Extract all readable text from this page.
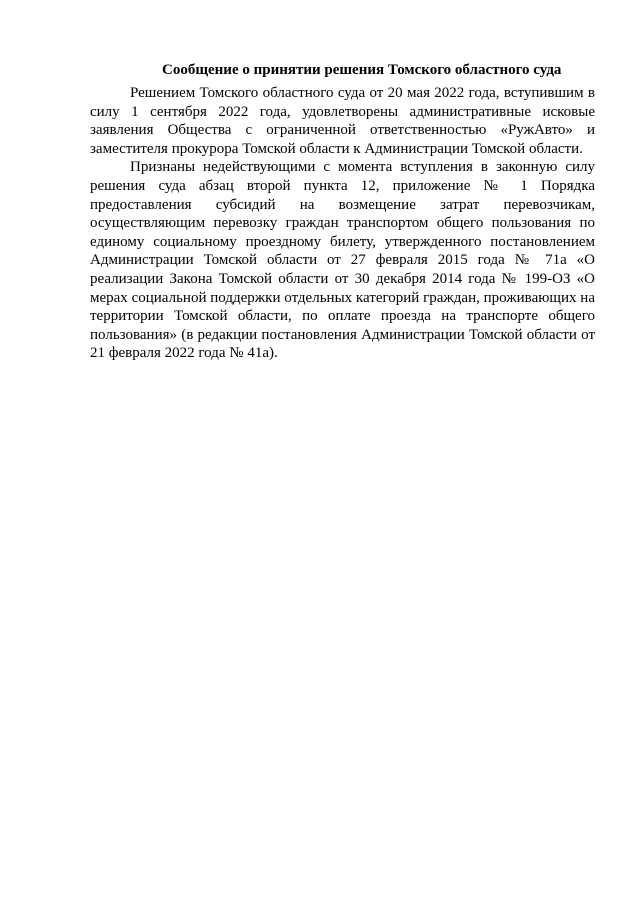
Сообщение о принятии решения Томского областного суда

Решением Томского областного суда от 20 мая 2022 года, вступившим в силу 1 сентября 2022 года, удовлетворены административные исковые заявления Общества с ограниченной ответственностью «РужАвто» и заместителя прокурора Томской области к Администрации Томской области.

Признаны недействующими с момента вступления в законную силу решения суда абзац второй пункта 12, приложение № 1 Порядка предоставления субсидий на возмещение затрат перевозчикам, осуществляющим перевозку граждан транспортом общего пользования по единому социальному проездному билету, утвержденного постановлением Администрации Томской области от 27 февраля 2015 года № 71а «О реализации Закона Томской области от 30 декабря 2014 года № 199-ОЗ «О мерах социальной поддержки отдельных категорий граждан, проживающих на территории Томской области, по оплате проезда на транспорте общего пользования» (в редакции постановления Администрации Томской области от 21 февраля 2022 года № 41а).
